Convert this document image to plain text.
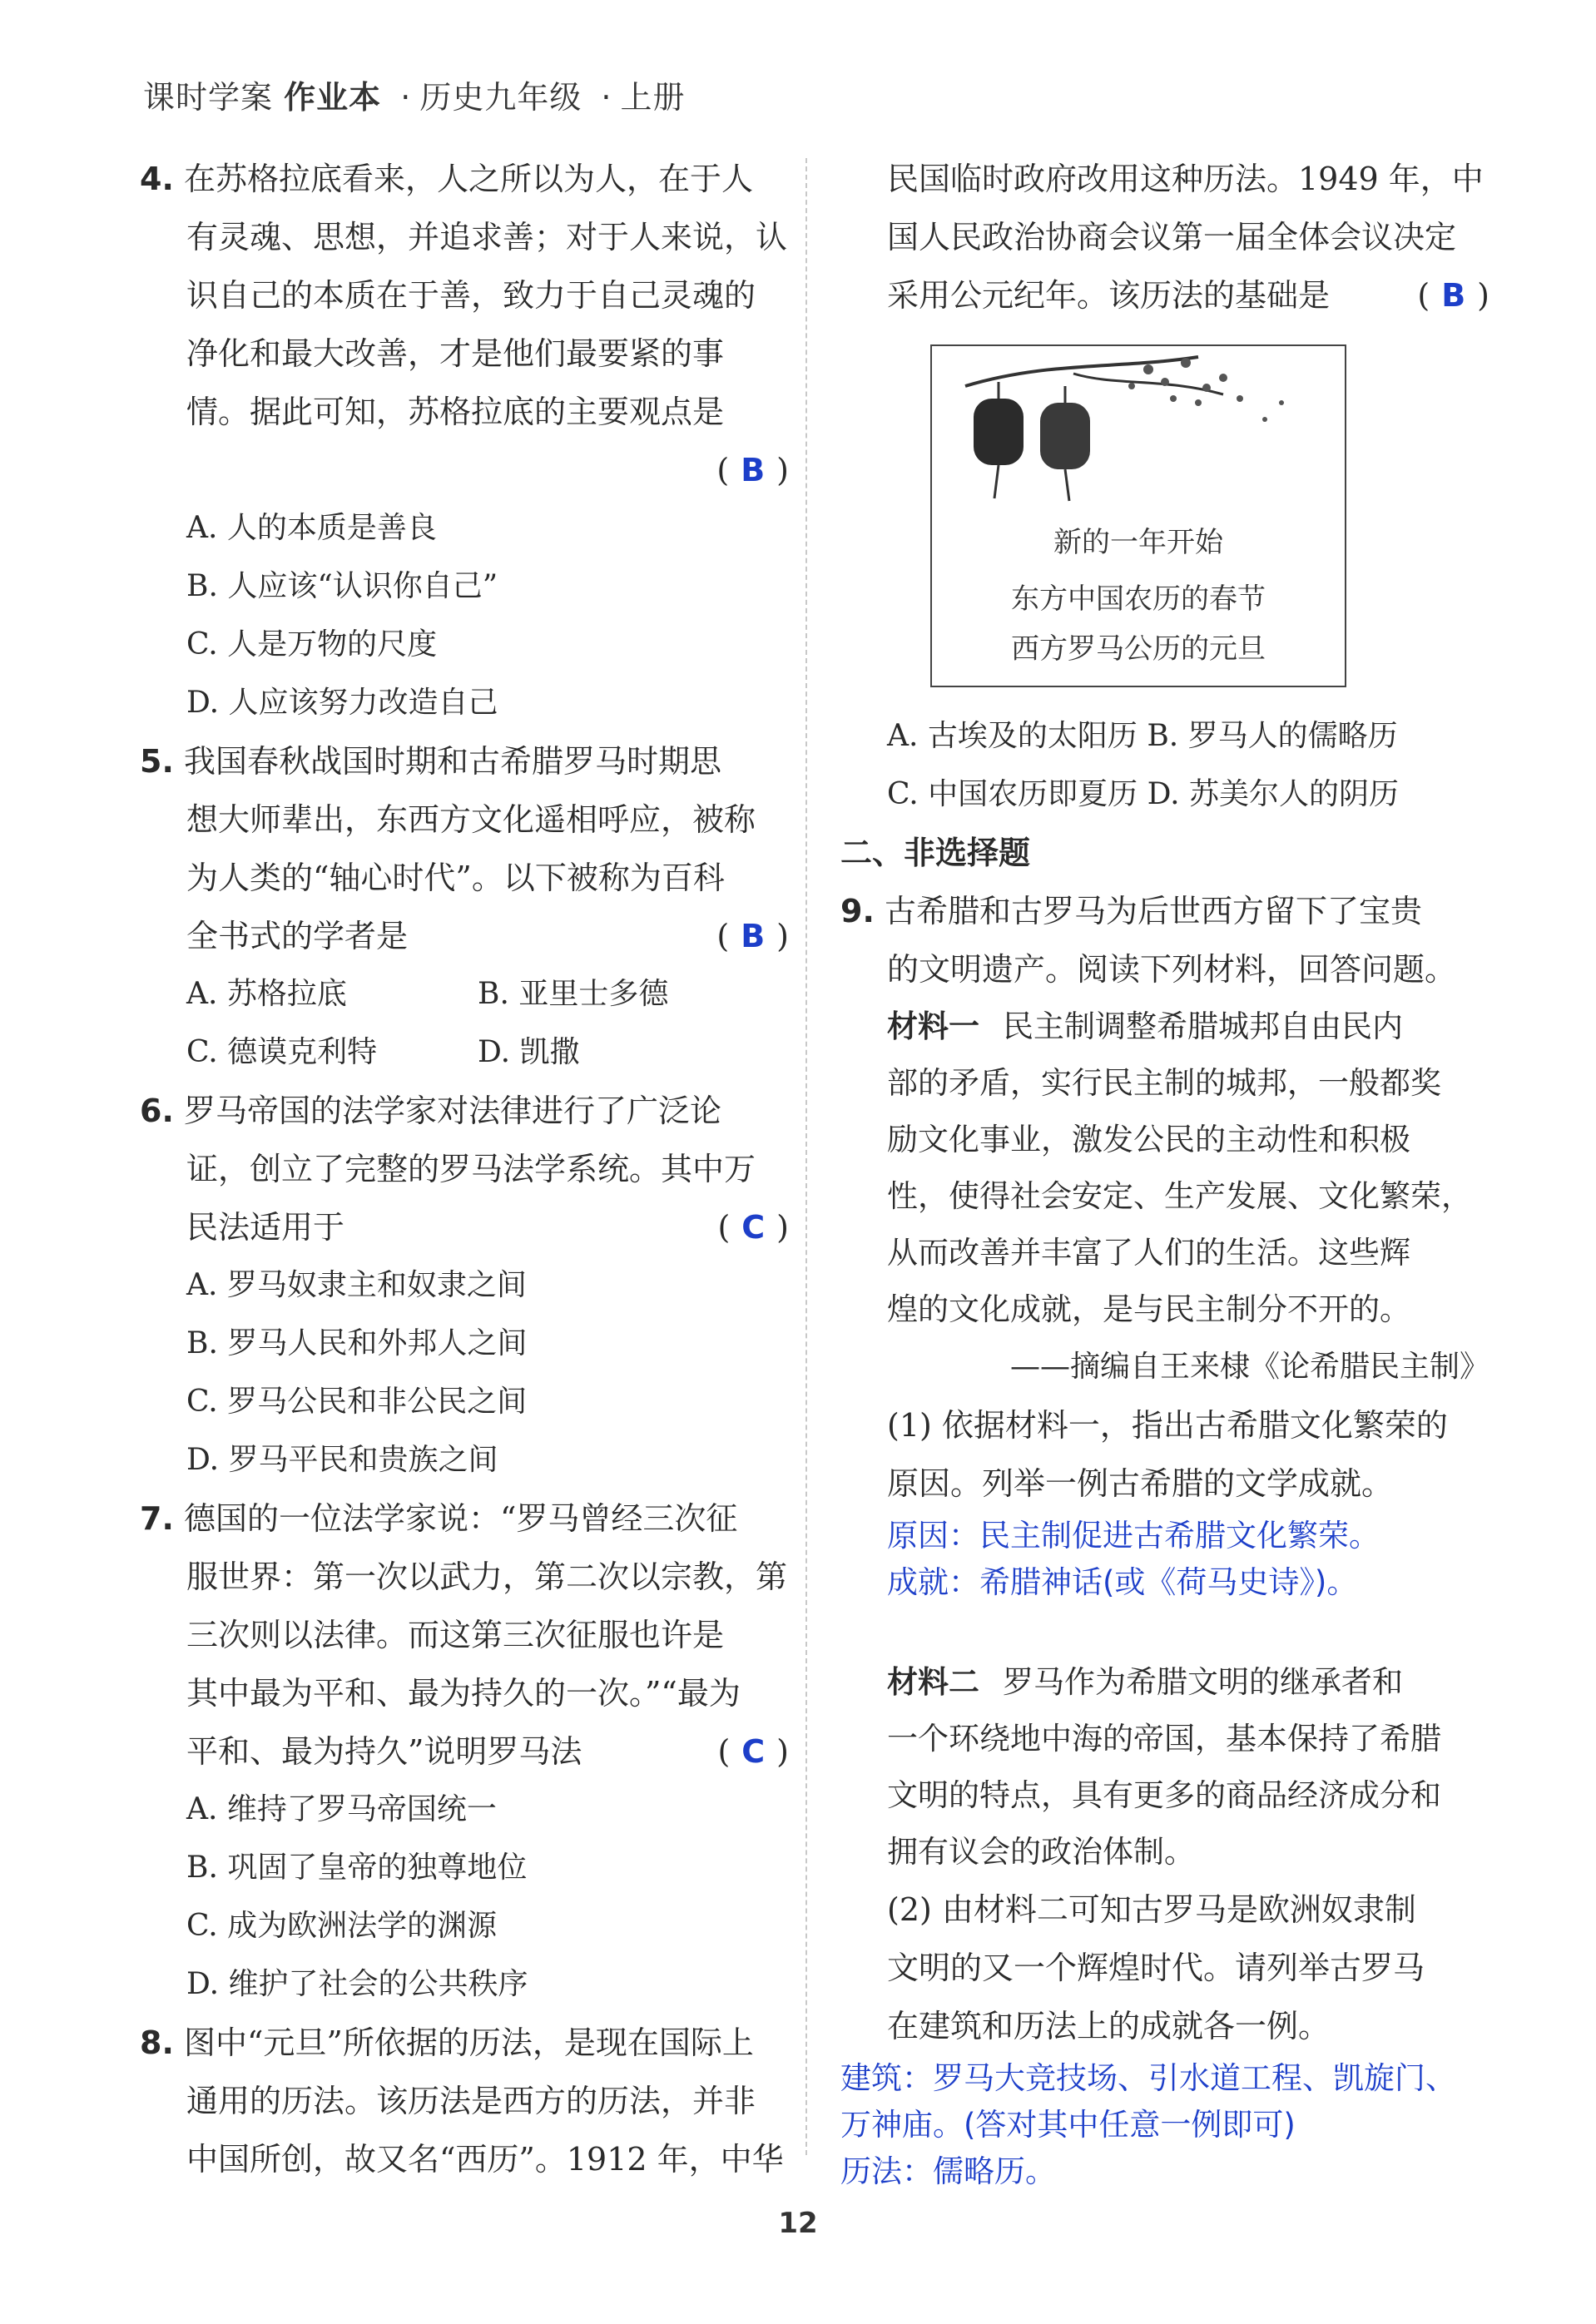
课时学案 作业本 · 历史九年级 · 上册
4. 在苏格拉底看来，人之所以为人，在于人
有灵魂、思想，并追求善；对于人来说，认
识自己的本质在于善，致力于自己灵魂的
净化和最大改善，才是他们最要紧的事
情。据此可知，苏格拉底的主要观点是
( B )
A. 人的本质是善良
B. 人应该“认识你自己”
C. 人是万物的尺度
D. 人应该努力改造自己
5. 我国春秋战国时期和古希腊罗马时期思
想大师辈出，东西方文化遥相呼应，被称
为人类的“轴心时代”。以下被称为百科
全书式的学者是	( B )
A. 苏格拉底	B. 亚里士多德
C. 德谟克利特	D. 凯撒
6. 罗马帝国的法学家对法律进行了广泛论
证，创立了完整的罗马法学系统。其中万
民法适用于	( C )
A. 罗马奴隶主和奴隶之间
B. 罗马人民和外邦人之间
C. 罗马公民和非公民之间
D. 罗马平民和贵族之间
7. 德国的一位法学家说：“罗马曾经三次征
服世界：第一次以武力，第二次以宗教，第
三次则以法律。而这第三次征服也许是
其中最为平和、最为持久的一次。”“最为
平和、最为持久”说明罗马法	( C )
A. 维持了罗马帝国统一
B. 巩固了皇帝的独尊地位
C. 成为欧洲法学的渊源
D. 维护了社会的公共秩序
8. 图中“元旦”所依据的历法，是现在国际上
通用的历法。该历法是西方的历法，并非
中国所创，故又名“西历”。1912 年，中华
民国临时政府改用这种历法。1949 年，中
国人民政治协商会议第一届全体会议决定
采用公元纪年。该历法的基础是	( B )
新的一年开始
东方中国农历的春节
西方罗马公历的元旦
A. 古埃及的太阳历 B. 罗马人的儒略历
C. 中国农历即夏历 D. 苏美尔人的阴历
二、非选择题
9. 古希腊和古罗马为后世西方留下了宝贵
的文明遗产。阅读下列材料，回答问题。
材料一 民主制调整希腊城邦自由民内
部的矛盾，实行民主制的城邦，一般都奖
励文化事业，激发公民的主动性和积极
性，使得社会安定、生产发展、文化繁荣，
从而改善并丰富了人们的生活。这些辉
煌的文化成就，是与民主制分不开的。
——摘编自王来棣《论希腊民主制》
(1) 依据材料一，指出古希腊文化繁荣的
原因。列举一例古希腊的文学成就。
原因：民主制促进古希腊文化繁荣。
成就：希腊神话(或《荷马史诗》)。
材料二 罗马作为希腊文明的继承者和
一个环绕地中海的帝国，基本保持了希腊
文明的特点，具有更多的商品经济成分和
拥有议会的政治体制。
(2) 由材料二可知古罗马是欧洲奴隶制
文明的又一个辉煌时代。请列举古罗马
在建筑和历法上的成就各一例。
建筑：罗马大竞技场、引水道工程、凯旋门、
万神庙。(答对其中任意一例即可)
历法：儒略历。
12
